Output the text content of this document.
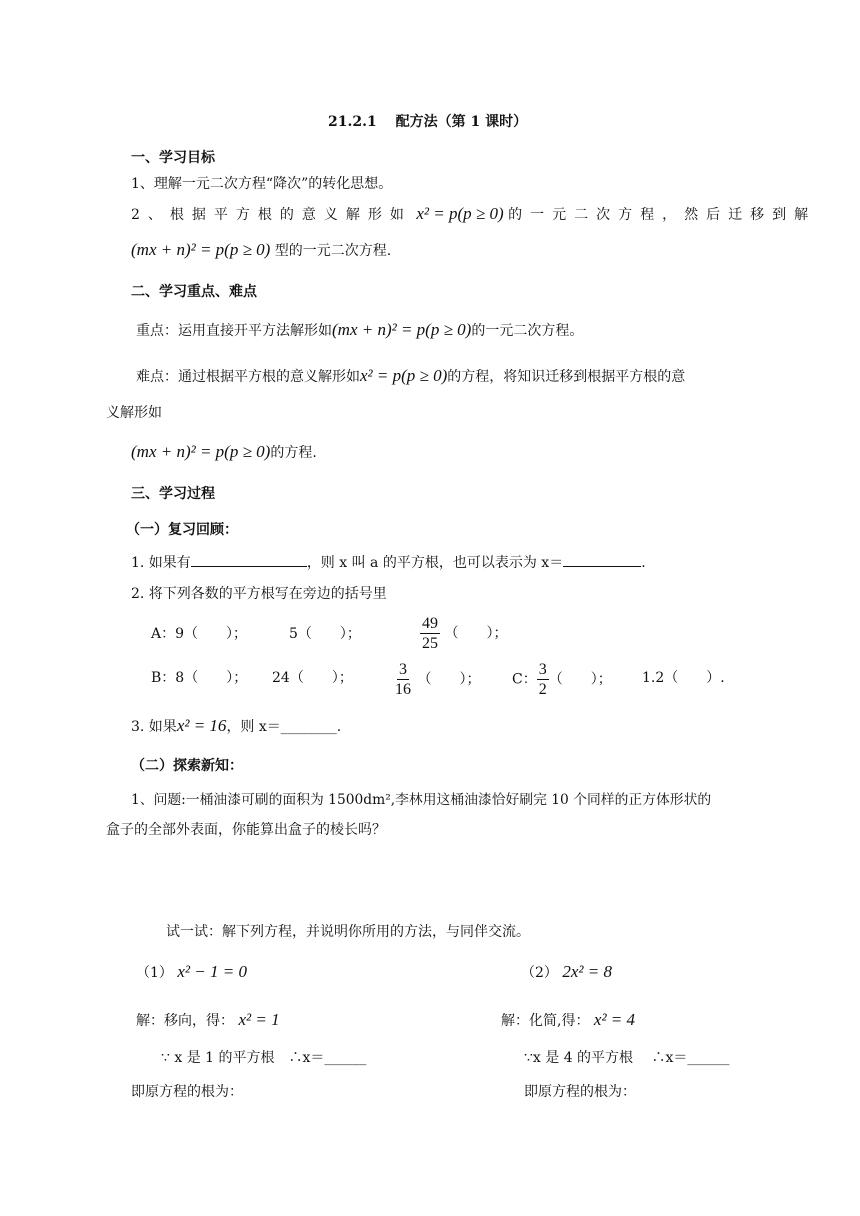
21.2.1　 配方法（第 1 课时）
一、学习目标
1、理解一元二次方程“降次”的转化思想。
2、根据平方根的意义解形如 x² = p(p ≥ 0) 的一元二次方程，然后迁移到解
(mx + n)² = p(p ≥ 0) 型的一元二次方程.
二、学习重点、难点
重点：运用直接开平方法解形如(mx + n)² = p(p ≥ 0)的一元二次方程。
难点：通过根据平方根的意义解形如x² = p(p ≥ 0)的方程，将知识迁移到根据平方根的意
义解形如
(mx + n)² = p(p ≥ 0)的方程.
三、学习过程
（一）复习回顾：
1. 如果有	，则 x 叫 a 的平方根，也可以表示为 x＝	.
2. 将下列各数的平方根写在旁边的括号里
A：9（　　）；	5（　　）；	$\frac{49}{25}$ （　　）；
B：8（　　）； 24（　　）；	$\frac{3}{16}$ （　　）； C： $\frac{3}{2}$ （　　）； 1.2（　　）.
3. 如果x² = 16，则 x＝________.
（二）探索新知：
1、问题:一桶油漆可刷的面积为 1500dm²,李林用这桶油漆恰好刷完 10 个同样的正方体形状的
盒子的全部外表面，你能算出盒子的棱长吗？
试一试：解下列方程，并说明你所用的方法，与同伴交流。
（1） x² − 1 = 0	（2） 2x² = 8
解：移向，得： x² = 1	解：化简,得： x² = 4
∵ x 是 1 的平方根　∴x＝______	∵x 是 4 的平方根　 ∴x＝______
即原方程的根为：	即原方程的根为：
